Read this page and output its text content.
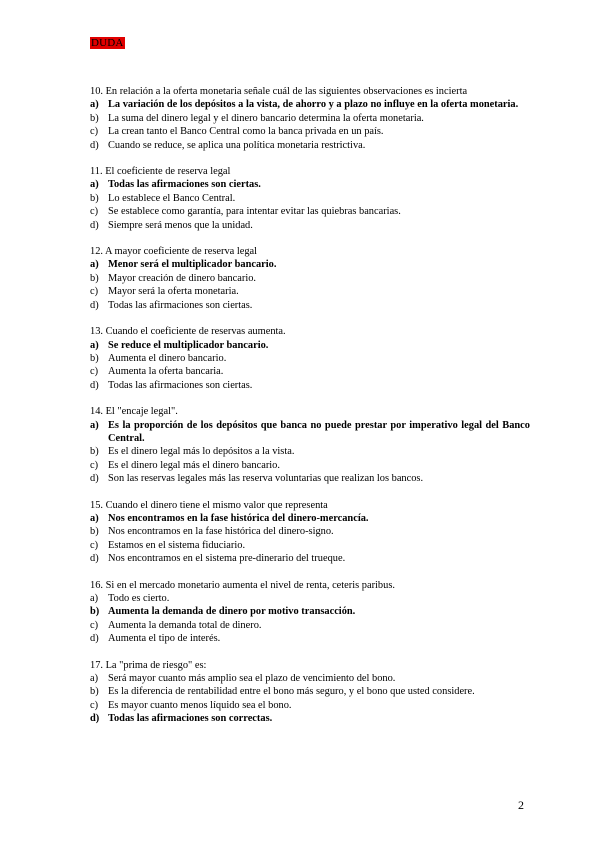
DUDA
10. En relación a la oferta monetaria señale cuál de las siguientes observaciones es incierta
a) La variación de los depósitos a la vista, de ahorro y a plazo no influye en la oferta monetaria.
b) La suma del dinero legal y el dinero bancario determina la oferta monetaria.
c) La crean tanto el Banco Central como la banca privada en un país.
d) Cuando se reduce, se aplica una política monetaria restrictiva.
11. El coeficiente de reserva legal
a) Todas las afirmaciones son ciertas.
b) Lo establece el Banco Central.
c) Se establece como garantía, para intentar evitar las quiebras bancarias.
d) Siempre será menos que la unidad.
12. A mayor coeficiente de reserva legal
a) Menor será el multiplicador bancario.
b) Mayor creación de dinero bancario.
c) Mayor será la oferta monetaria.
d) Todas las afirmaciones son ciertas.
13. Cuando el coeficiente de reservas aumenta.
a) Se reduce el multiplicador bancario.
b) Aumenta el dinero bancario.
c) Aumenta la oferta bancaria.
d) Todas las afirmaciones son ciertas.
14. El "encaje legal".
a) Es la proporción de los depósitos que banca no puede prestar por imperativo legal del Banco Central.
b) Es el dinero legal más lo depósitos a la vista.
c) Es el dinero legal más el dinero bancario.
d) Son las reservas legales más las reserva voluntarias que realizan los bancos.
15. Cuando el dinero tiene el mismo valor que representa
a) Nos encontramos en la fase histórica del dinero-mercancía.
b) Nos encontramos en la fase histórica del dinero-signo.
c) Estamos en el sistema fiduciario.
d) Nos encontramos en el sistema pre-dinerario del trueque.
16. Si en el mercado monetario aumenta el nivel de renta, ceteris paribus.
a) Todo es cierto.
b) Aumenta la demanda de dinero por motivo transacción.
c) Aumenta la demanda total de dinero.
d) Aumenta el tipo de interés.
17. La "prima de riesgo" es:
a) Será mayor cuanto más amplio sea el plazo de vencimiento del bono.
b) Es la diferencia de rentabilidad entre el bono más seguro, y el bono que usted considere.
c) Es mayor cuanto menos líquido sea el bono.
d) Todas las afirmaciones son correctas.
2
